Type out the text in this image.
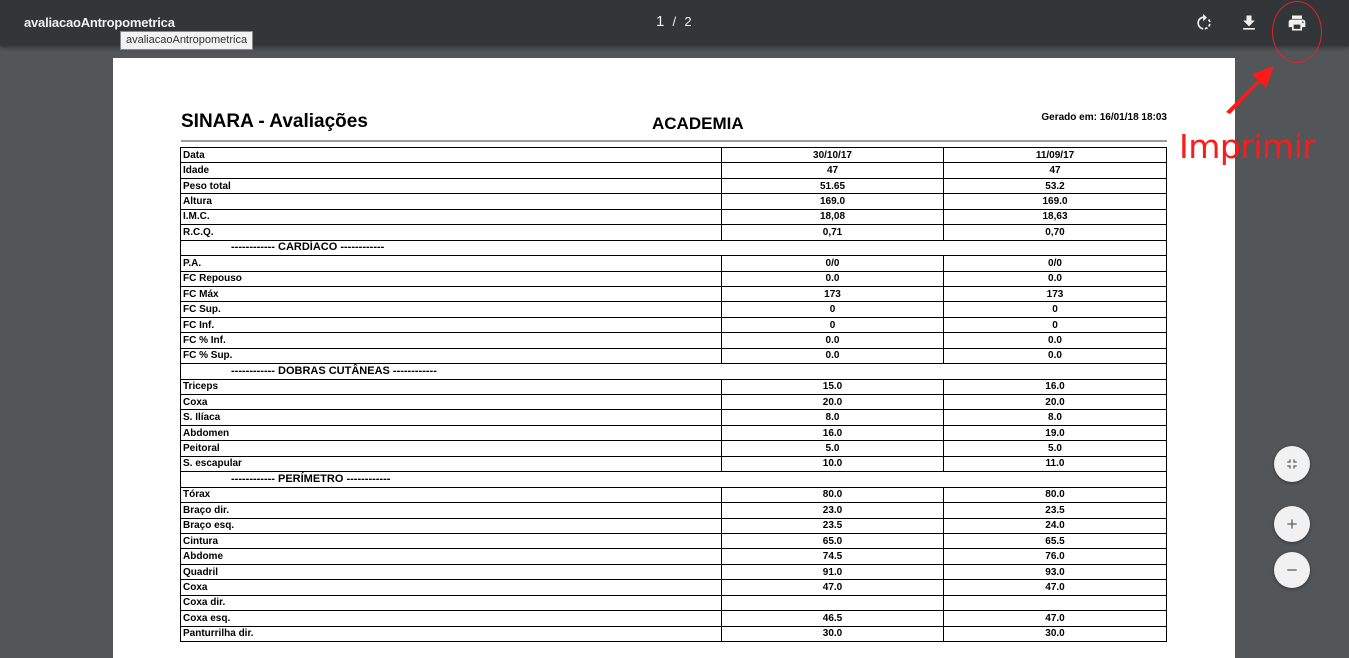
avaliacaoAntropometrica	1 / 2
avaliacaoAntropometrica
SINARA - Avaliações	ACADEMIA	Gerado em: 16/01/18 18:03
Data	30/10/17	11/09/17
Idade	47	47
Peso total	51.65	53.2
Altura	169.0	169.0
I.M.C.	18,08	18,63
R.C.Q.	0,71	0,70
------------ CARDÍACO ------------		
P.A.	0/0	0/0
FC Repouso	0.0	0.0
FC Máx	173	173
FC Sup.	0	0
FC Inf.	0	0
FC % Inf.	0.0	0.0
FC % Sup.	0.0	0.0
------------ DOBRAS CUTÂNEAS ------------		
Triceps	15.0	16.0
Coxa	20.0	20.0
S. Ilíaca	8.0	8.0
Abdomen	16.0	19.0
Peitoral	5.0	5.0
S. escapular	10.0	11.0
------------ PERÍMETRO ------------		
Tórax	80.0	80.0
Braço dir.	23.0	23.5
Braço esq.	23.5	24.0
Cintura	65.0	65.5
Abdome	74.5	76.0
Quadril	91.0	93.0
Coxa	47.0	47.0
Coxa dir.		
Coxa esq.	46.5	47.0
Panturrilha dir.	30.0	30.0
Imprimir
